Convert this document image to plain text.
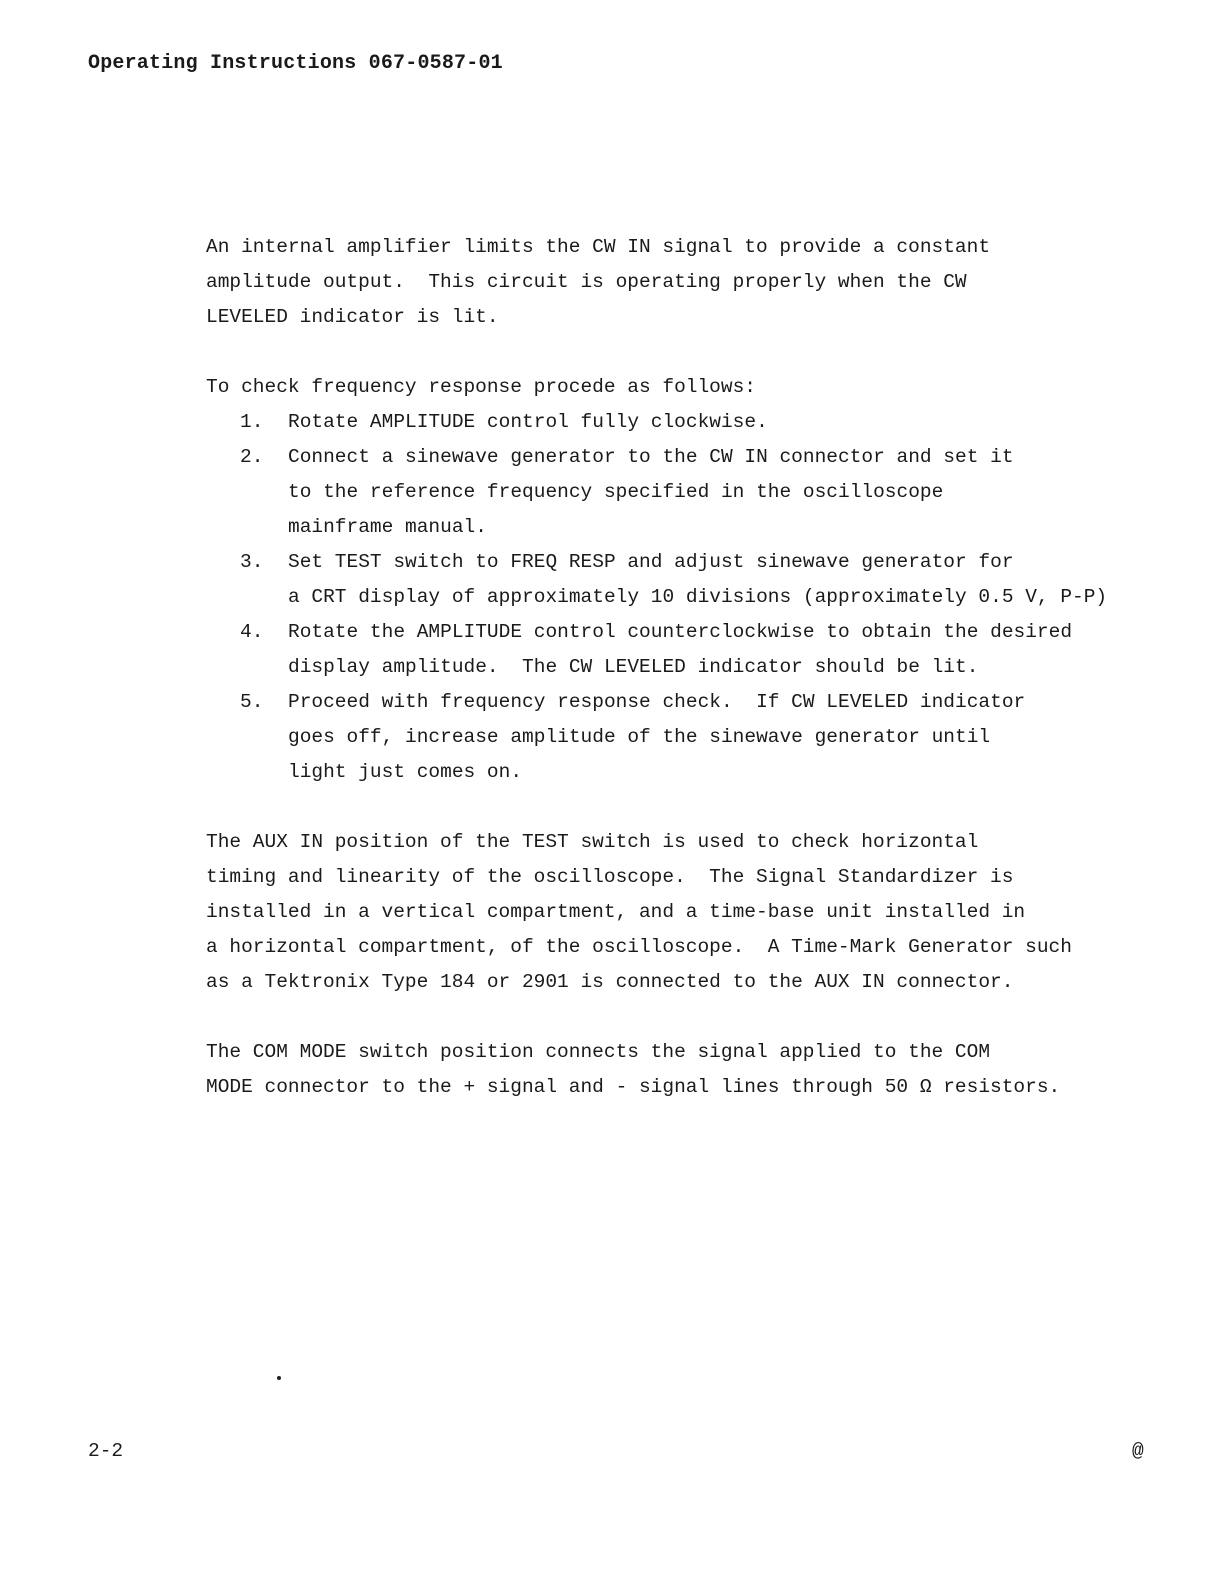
Operating Instructions 067-0587-01

An internal amplifier limits the CW IN signal to provide a constant
amplitude output.  This circuit is operating properly when the CW
LEVELED indicator is lit.

To check frequency response procede as follows:

1.	Rotate AMPLITUDE control fully clockwise.
2.	Connect a sinewave generator to the CW IN connector and set it
to the reference frequency specified in the oscilloscope
mainframe manual.
3.	Set TEST switch to FREQ RESP and adjust sinewave generator for
a CRT display of approximately 10 divisions (approximately 0.5 V, P-P)
4.	Rotate the AMPLITUDE control counterclockwise to obtain the desired
display amplitude.  The CW LEVELED indicator should be lit.
5.	Proceed with frequency response check.  If CW LEVELED indicator
goes off, increase amplitude of the sinewave generator until
light just comes on.

The AUX IN position of the TEST switch is used to check horizontal
timing and linearity of the oscilloscope.  The Signal Standardizer is
installed in a vertical compartment, and a time-base unit installed in
a horizontal compartment, of the oscilloscope.  A Time-Mark Generator such
as a Tektronix Type 184 or 2901 is connected to the AUX IN connector.

The COM MODE switch position connects the signal applied to the COM
MODE connector to the + signal and - signal lines through 50 Ω resistors.

2-2	@
